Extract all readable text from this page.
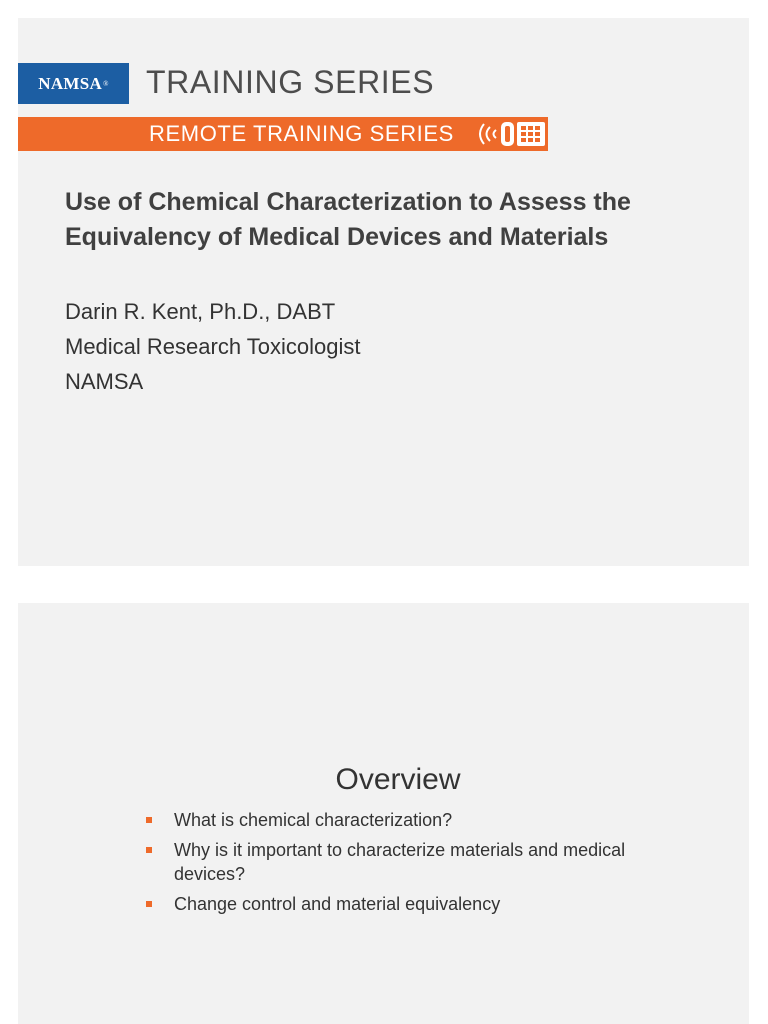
NAMSA ® TRAINING SERIES
REMOTE TRAINING SERIES
Use of Chemical Characterization to Assess the Equivalency of Medical Devices and Materials
Darin R. Kent, Ph.D., DABT
Medical Research Toxicologist
NAMSA
Overview
What is chemical characterization?
Why is it important to characterize materials and medical devices?
Change control and material equivalency
